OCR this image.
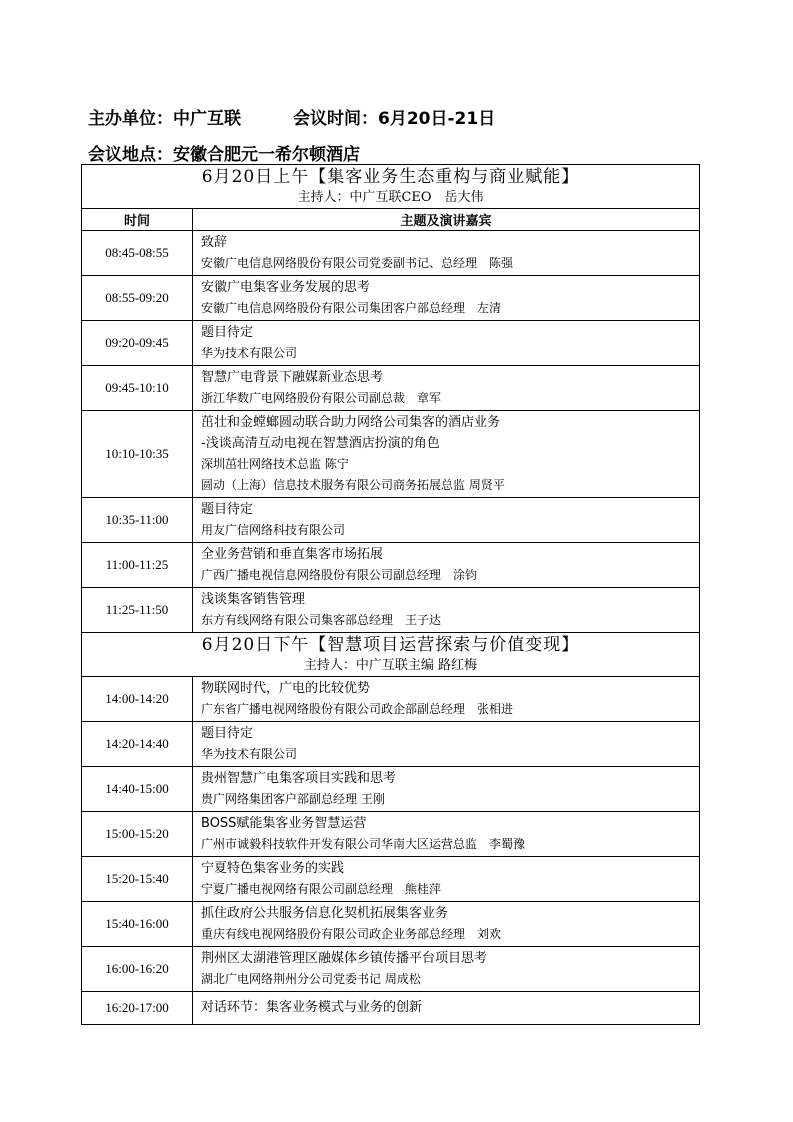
主办单位：中广互联	会议时间：6月20日-21日
会议地点：安徽合肥元一希尔顿酒店
6月20日上午【集客业务生态重构与商业赋能】
主持人：中广互联CEO　岳大伟	

时间	主题及演讲嘉宾
08:45-08:55	致辞
安徽广电信息网络股份有限公司党委副书记、总经理　陈强

08:55-09:20	安徽广电集客业务发展的思考
安徽广电信息网络股份有限公司集团客户部总经理　左清

09:20-09:45	题目待定
华为技术有限公司

09:45-10:10	智慧广电背景下融媒新业态思考
浙江华数广电网络股份有限公司副总裁　章军

10:10-10:35	茁壮和金螳螂圆动联合助力网络公司集客的酒店业务
-浅谈高清互动电视在智慧酒店扮演的角色
深圳茁壮网络技术总监 陈宁
圆动（上海）信息技术服务有限公司商务拓展总监 周贤平

10:35-11:00	题目待定
用友广信网络科技有限公司

11:00-11:25	全业务营销和垂直集客市场拓展
广西广播电视信息网络股份有限公司副总经理　涂钧

11:25-11:50	浅谈集客销售管理
东方有线网络有限公司集客部总经理　王子达

6月20日下午【智慧项目运营探索与价值变现】
主持人：中广互联主编 路红梅	

14:00-14:20	物联网时代，广电的比较优势
广东省广播电视网络股份有限公司政企部副总经理　张相进

14:20-14:40	题目待定
华为技术有限公司

14:40-15:00	贵州智慧广电集客项目实践和思考
贵广网络集团客户部副总经理 王刚

15:00-15:20	BOSS赋能集客业务智慧运营
广州市诚毅科技软件开发有限公司华南大区运营总监　李蜀豫

15:20-15:40	宁夏特色集客业务的实践
宁夏广播电视网络有限公司副总经理　熊桂萍

15:40-16:00	抓住政府公共服务信息化契机拓展集客业务
重庆有线电视网络股份有限公司政企业务部总经理　刘欢

16:00-16:20	荆州区太湖港管理区融媒体乡镇传播平台项目思考
湖北广电网络荆州分公司党委书记 周成松

16:20-17:00	对话环节：集客业务模式与业务的创新
